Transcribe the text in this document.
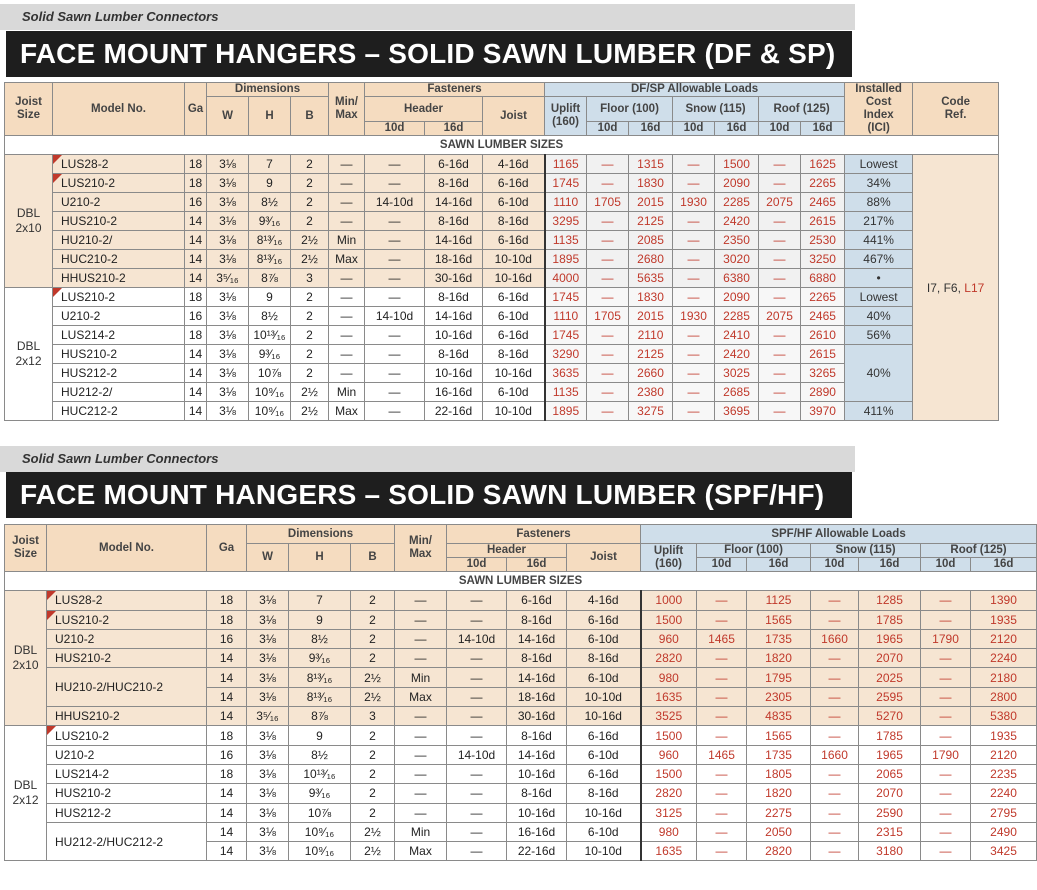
Solid Sawn Lumber Connectors
FACE MOUNT HANGERS – SOLID SAWN LUMBER (DF & SP)
Joist
Size	Model No.	Ga	Dimensions			Min/
Max	Fasteners			DF/SP Allowable Loads							Installed
Cost
Index
(ICI)	Code
Ref.
			W	H	B		Header		Joist	Uplift
(160)	Floor (100)		Snow (115)		Roof (125)			
							10d	16d			10d	16d	10d	16d	10d	16d		
SAWN LUMBER SIZES																		
DBL
2x10	LUS28-2	18	3⅛	7	2	—	—	6-16d	4-16d	1165	—	1315	—	1500	—	1625	Lowest	I7, F6, L17
	LUS210-2	18	3⅛	9	2	—	—	8-16d	6-16d	1745	—	1830	—	2090	—	2265	34%	
	U210-2	16	3⅛	8½	2	—	14-10d	14-16d	6-10d	1110	1705	2015	1930	2285	2075	2465	88%	
	HUS210-2	14	3⅛	9³⁄₁₆	2	—	—	8-16d	8-16d	3295	—	2125	—	2420	—	2615	217%	
	HU210-2/	14	3⅛	8¹³⁄₁₆	2½	Min	—	14-16d	6-16d	1135	—	2085	—	2350	—	2530	441%	
	HUC210-2	14	3⅛	8¹³⁄₁₆	2½	Max	—	18-16d	10-10d	1895	—	2680	—	3020	—	3250	467%	
	HHUS210-2	14	3⁵⁄₁₆	8⅞	3	—	—	30-16d	10-16d	4000	—	5635	—	6380	—	6880	•	
DBL
2x12	LUS210-2	18	3⅛	9	2	—	—	8-16d	6-16d	1745	—	1830	—	2090	—	2265	Lowest	
	U210-2	16	3⅛	8½	2	—	14-10d	14-16d	6-10d	1110	1705	2015	1930	2285	2075	2465	40%	
	LUS214-2	18	3⅛	10¹³⁄₁₆	2	—	—	10-16d	6-16d	1745	—	2110	—	2410	—	2610	56%	
	HUS210-2	14	3⅛	9³⁄₁₆	2	—	—	8-16d	8-16d	3290	—	2125	—	2420	—	2615	40%	
	HUS212-2	14	3⅛	10⅞	2	—	—	10-16d	10-16d	3635	—	2660	—	3025	—	3265		
	HU212-2/	14	3⅛	10⁹⁄₁₆	2½	Min	—	16-16d	6-10d	1135	—	2380	—	2685	—	2890		
	HUC212-2	14	3⅛	10⁹⁄₁₆	2½	Max	—	22-16d	10-10d	1895	—	3275	—	3695	—	3970	411%	
Solid Sawn Lumber Connectors
FACE MOUNT HANGERS – SOLID SAWN LUMBER (SPF/HF)
Joist
Size	Model No.	Ga	Dimensions			Min/
Max	Fasteners			SPF/HF Allowable Loads						
			W	H	B		Header		Joist	Uplift
(160)	Floor (100)		Snow (115)		Roof (125)	
							10d	16d			10d	16d	10d	16d	10d	16d
SAWN LUMBER SIZES																
DBL
2x10	LUS28-2	18	3⅛	7	2	—	—	6-16d	4-16d	1000	—	1125	—	1285	—	1390
	LUS210-2	18	3⅛	9	2	—	—	8-16d	6-16d	1500	—	1565	—	1785	—	1935
	U210-2	16	3⅛	8½	2	—	14-10d	14-16d	6-10d	960	1465	1735	1660	1965	1790	2120
	HUS210-2	14	3⅛	9³⁄₁₆	2	—	—	8-16d	8-16d	2820	—	1820	—	2070	—	2240
	HU210-2/HUC210-2	14	3⅛	8¹³⁄₁₆	2½	Min	—	14-16d	6-10d	980	—	1795	—	2025	—	2180
		14	3⅛	8¹³⁄₁₆	2½	Max	—	18-16d	10-10d	1635	—	2305	—	2595	—	2800
	HHUS210-2	14	3⁵⁄₁₆	8⅞	3	—	—	30-16d	10-16d	3525	—	4835	—	5270	—	5380
DBL
2x12	LUS210-2	18	3⅛	9	2	—	—	8-16d	6-16d	1500	—	1565	—	1785	—	1935
	U210-2	16	3⅛	8½	2	—	14-10d	14-16d	6-10d	960	1465	1735	1660	1965	1790	2120
	LUS214-2	18	3⅛	10¹³⁄₁₆	2	—	—	10-16d	6-16d	1500	—	1805	—	2065	—	2235
	HUS210-2	14	3⅛	9³⁄₁₆	2	—	—	8-16d	8-16d	2820	—	1820	—	2070	—	2240
	HUS212-2	14	3⅛	10⅞	2	—	—	10-16d	10-16d	3125	—	2275	—	2590	—	2795
	HU212-2/HUC212-2	14	3⅛	10⁹⁄₁₆	2½	Min	—	16-16d	6-10d	980	—	2050	—	2315	—	2490
		14	3⅛	10⁹⁄₁₆	2½	Max	—	22-16d	10-10d	1635	—	2820	—	3180	—	3425
